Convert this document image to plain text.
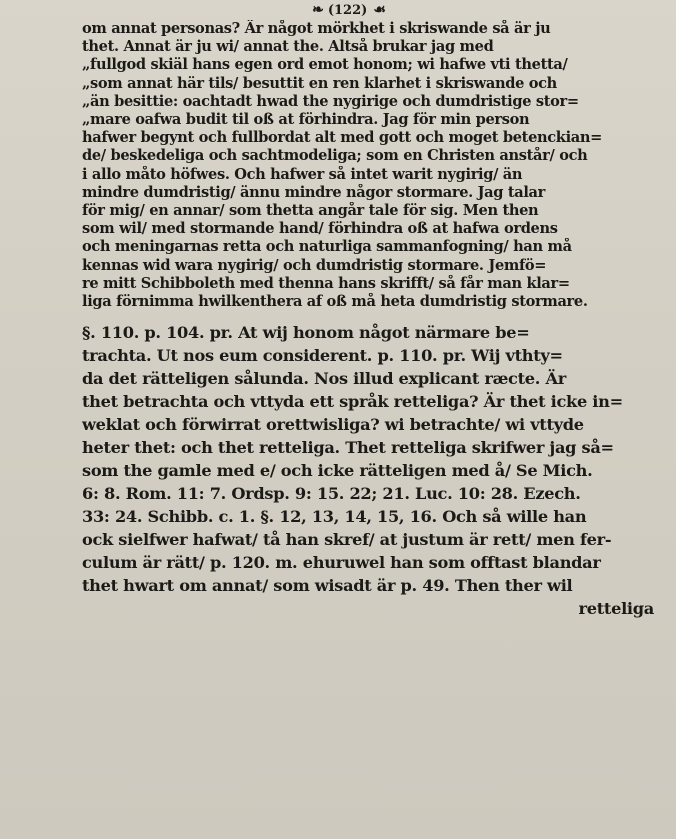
❧ (122) ☙
om annat personas? Är något mörkhet i skriswande så är ju
thet. Annat är ju wi/ annat the. Altså brukar jag med
„fullgod skiäl hans egen ord emot honom; wi hafwe vti thetta/
„som annat här tils/ besuttit en ren klarhet i skriswande och
„än besittie: oachtadt hwad the nygirige och dumdristige stor=
„mare oafwa budit til oß at förhindra. Jag för min person
hafwer begynt och fullbordat alt med gott och moget betenckian=
de/ beskedeliga och sachtmodeliga; som en Christen anstår/ och
i allo måto höfwes. Och hafwer så intet warit nygirig/ än
mindre dumdristig/ ännu mindre någor stormare. Jag talar
för mig/ en annar/ som thetta angår tale för sig. Men then
som wil/ med stormande hand/ förhindra oß at hafwa ordens
och meningarnas retta och naturliga sammanfogning/ han må
kennas wid wara nygirig/ och dumdristig stormare. Jemfö=
re mitt Schibboleth med thenna hans skrifft/ så får man klar=
liga förnimma hwilkenthera af oß må heta dumdristig stormare.
§. 110. p. 104. pr. At wij honom något närmare be=
trachta. Ut nos eum considerent. p. 110. pr. Wij vthty=
da det rätteligen sålunda. Nos illud explicant ræcte. Är
thet betrachta och vttyda ett språk retteliga? Är thet icke in=
weklat och förwirrat orettwisliga? wi betrachte/ wi vttyde
heter thet: och thet retteliga. Thet retteliga skrifwer jag så=
som the gamle med e/ och icke rätteligen med å/ Se Mich.
6: 8. Rom. 11: 7. Ordsp. 9: 15. 22; 21. Luc. 10: 28. Ezech.
33: 24. Schibb. c. 1. §. 12, 13, 14, 15, 16. Och så wille han
ock sielfwer hafwat/ tå han skref/ at justum är rett/ men fer-
culum är rätt/ p. 120. m. ehuruwel han som offtast blandar
thet hwart om annat/ som wisadt är p. 49. Then ther wil
retteliga
